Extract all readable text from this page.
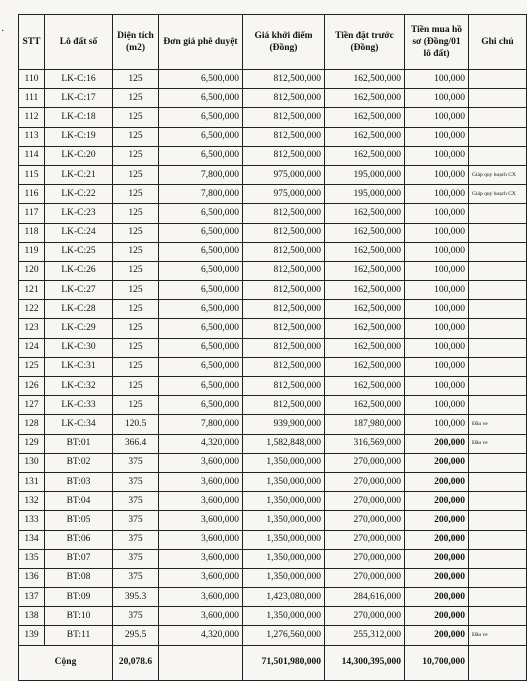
·
STT	Lô đất số	Diện tích (m2)	Đơn giá phê duyệt	Giá khởi điểm (Đồng)	Tiền đặt trước (Đồng)	Tiền mua hồ sơ (Đồng/01 lô đất)	Ghi chú
110	LK-C:16	125	6,500,000	812,500,000	162,500,000	100,000	
111	LK-C:17	125	6,500,000	812,500,000	162,500,000	100,000	
112	LK-C:18	125	6,500,000	812,500,000	162,500,000	100,000	
113	LK-C:19	125	6,500,000	812,500,000	162,500,000	100,000	
114	LK-C:20	125	6,500,000	812,500,000	162,500,000	100,000	
115	LK-C:21	125	7,800,000	975,000,000	195,000,000	100,000	Giáp quy hoạch CX
116	LK-C:22	125	7,800,000	975,000,000	195,000,000	100,000	Giáp quy hoạch CX
117	LK-C:23	125	6,500,000	812,500,000	162,500,000	100,000	
118	LK-C:24	125	6,500,000	812,500,000	162,500,000	100,000	
119	LK-C:25	125	6,500,000	812,500,000	162,500,000	100,000	
120	LK-C:26	125	6,500,000	812,500,000	162,500,000	100,000	
121	LK-C:27	125	6,500,000	812,500,000	162,500,000	100,000	
122	LK-C:28	125	6,500,000	812,500,000	162,500,000	100,000	
123	LK-C:29	125	6,500,000	812,500,000	162,500,000	100,000	
124	LK-C:30	125	6,500,000	812,500,000	162,500,000	100,000	
125	LK-C:31	125	6,500,000	812,500,000	162,500,000	100,000	
126	LK-C:32	125	6,500,000	812,500,000	162,500,000	100,000	
127	LK-C:33	125	6,500,000	812,500,000	162,500,000	100,000	
128	LK-C:34	120.5	7,800,000	939,900,000	187,980,000	100,000	Đầu ve
129	BT:01	366.4	4,320,000	1,582,848,000	316,569,000	200,000	Đầu ve
130	BT:02	375	3,600,000	1,350,000,000	270,000,000	200,000	
131	BT:03	375	3,600,000	1,350,000,000	270,000,000	200,000	
132	BT:04	375	3,600,000	1,350,000,000	270,000,000	200,000	
133	BT:05	375	3,600,000	1,350,000,000	270,000,000	200,000	
134	BT:06	375	3,600,000	1,350,000,000	270,000,000	200,000	
135	BT:07	375	3,600,000	1,350,000,000	270,000,000	200,000	
136	BT:08	375	3,600,000	1,350,000,000	270,000,000	200,000	
137	BT:09	395.3	3,600,000	1,423,080,000	284,616,000	200,000	
138	BT:10	375	3,600,000	1,350,000,000	270,000,000	200,000	
139	BT:11	295.5	4,320,000	1,276,560,000	255,312,000	200,000	Đầu ve
Cộng		20,078.6		71,501,980,000	14,300,395,000	10,700,000	
